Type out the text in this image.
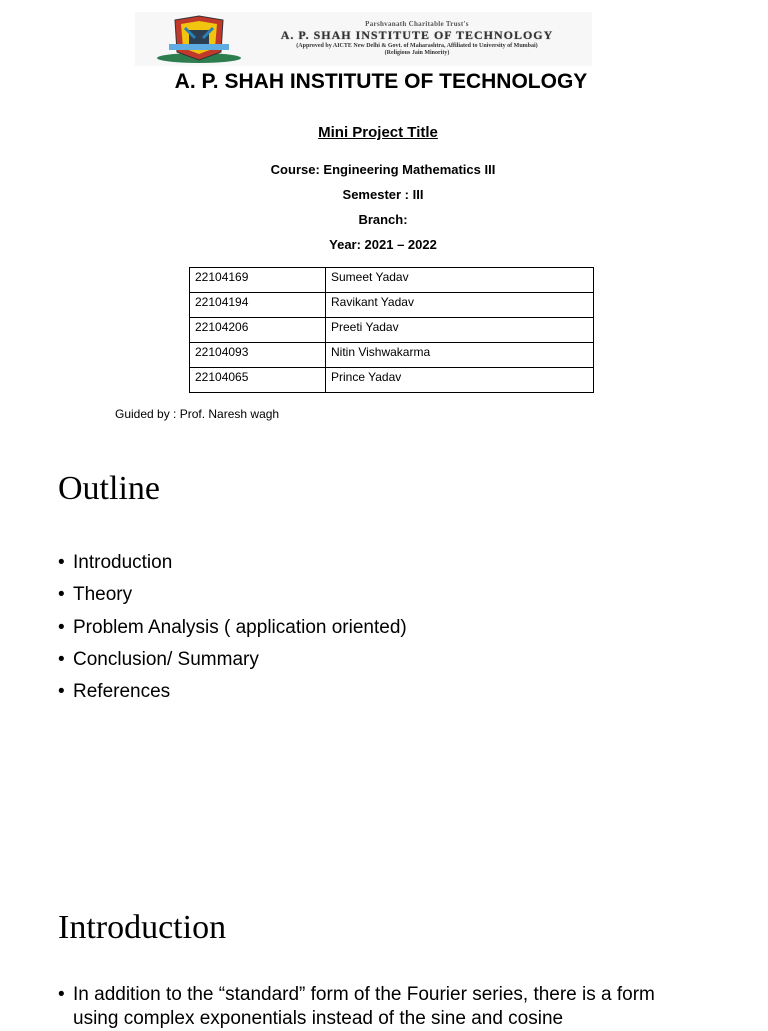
Parshvanath Charitable Trust's
A. P. SHAH INSTITUTE OF TECHNOLOGY
(Approved by AICTE New Delhi & Govt. of Maharashtra, Affiliated to University of Mumbai)
(Religious Jain Minority)
A. P. SHAH INSTITUTE OF TECHNOLOGY
Mini Project Title
Course: Engineering Mathematics III
Semester : III
Branch:
Year: 2021 – 2022
22104169	Sumeet Yadav
22104194	Ravikant Yadav
22104206	Preeti Yadav
22104093	Nitin Vishwakarma
22104065	Prince Yadav
Guided by : Prof. Naresh wagh
Outline
• Introduction
• Theory
• Problem Analysis ( application oriented)
• Conclusion/ Summary
• References
Introduction
• In addition to the “standard” form of the Fourier series, there is a form using complex exponentials instead of the sine and cosine
